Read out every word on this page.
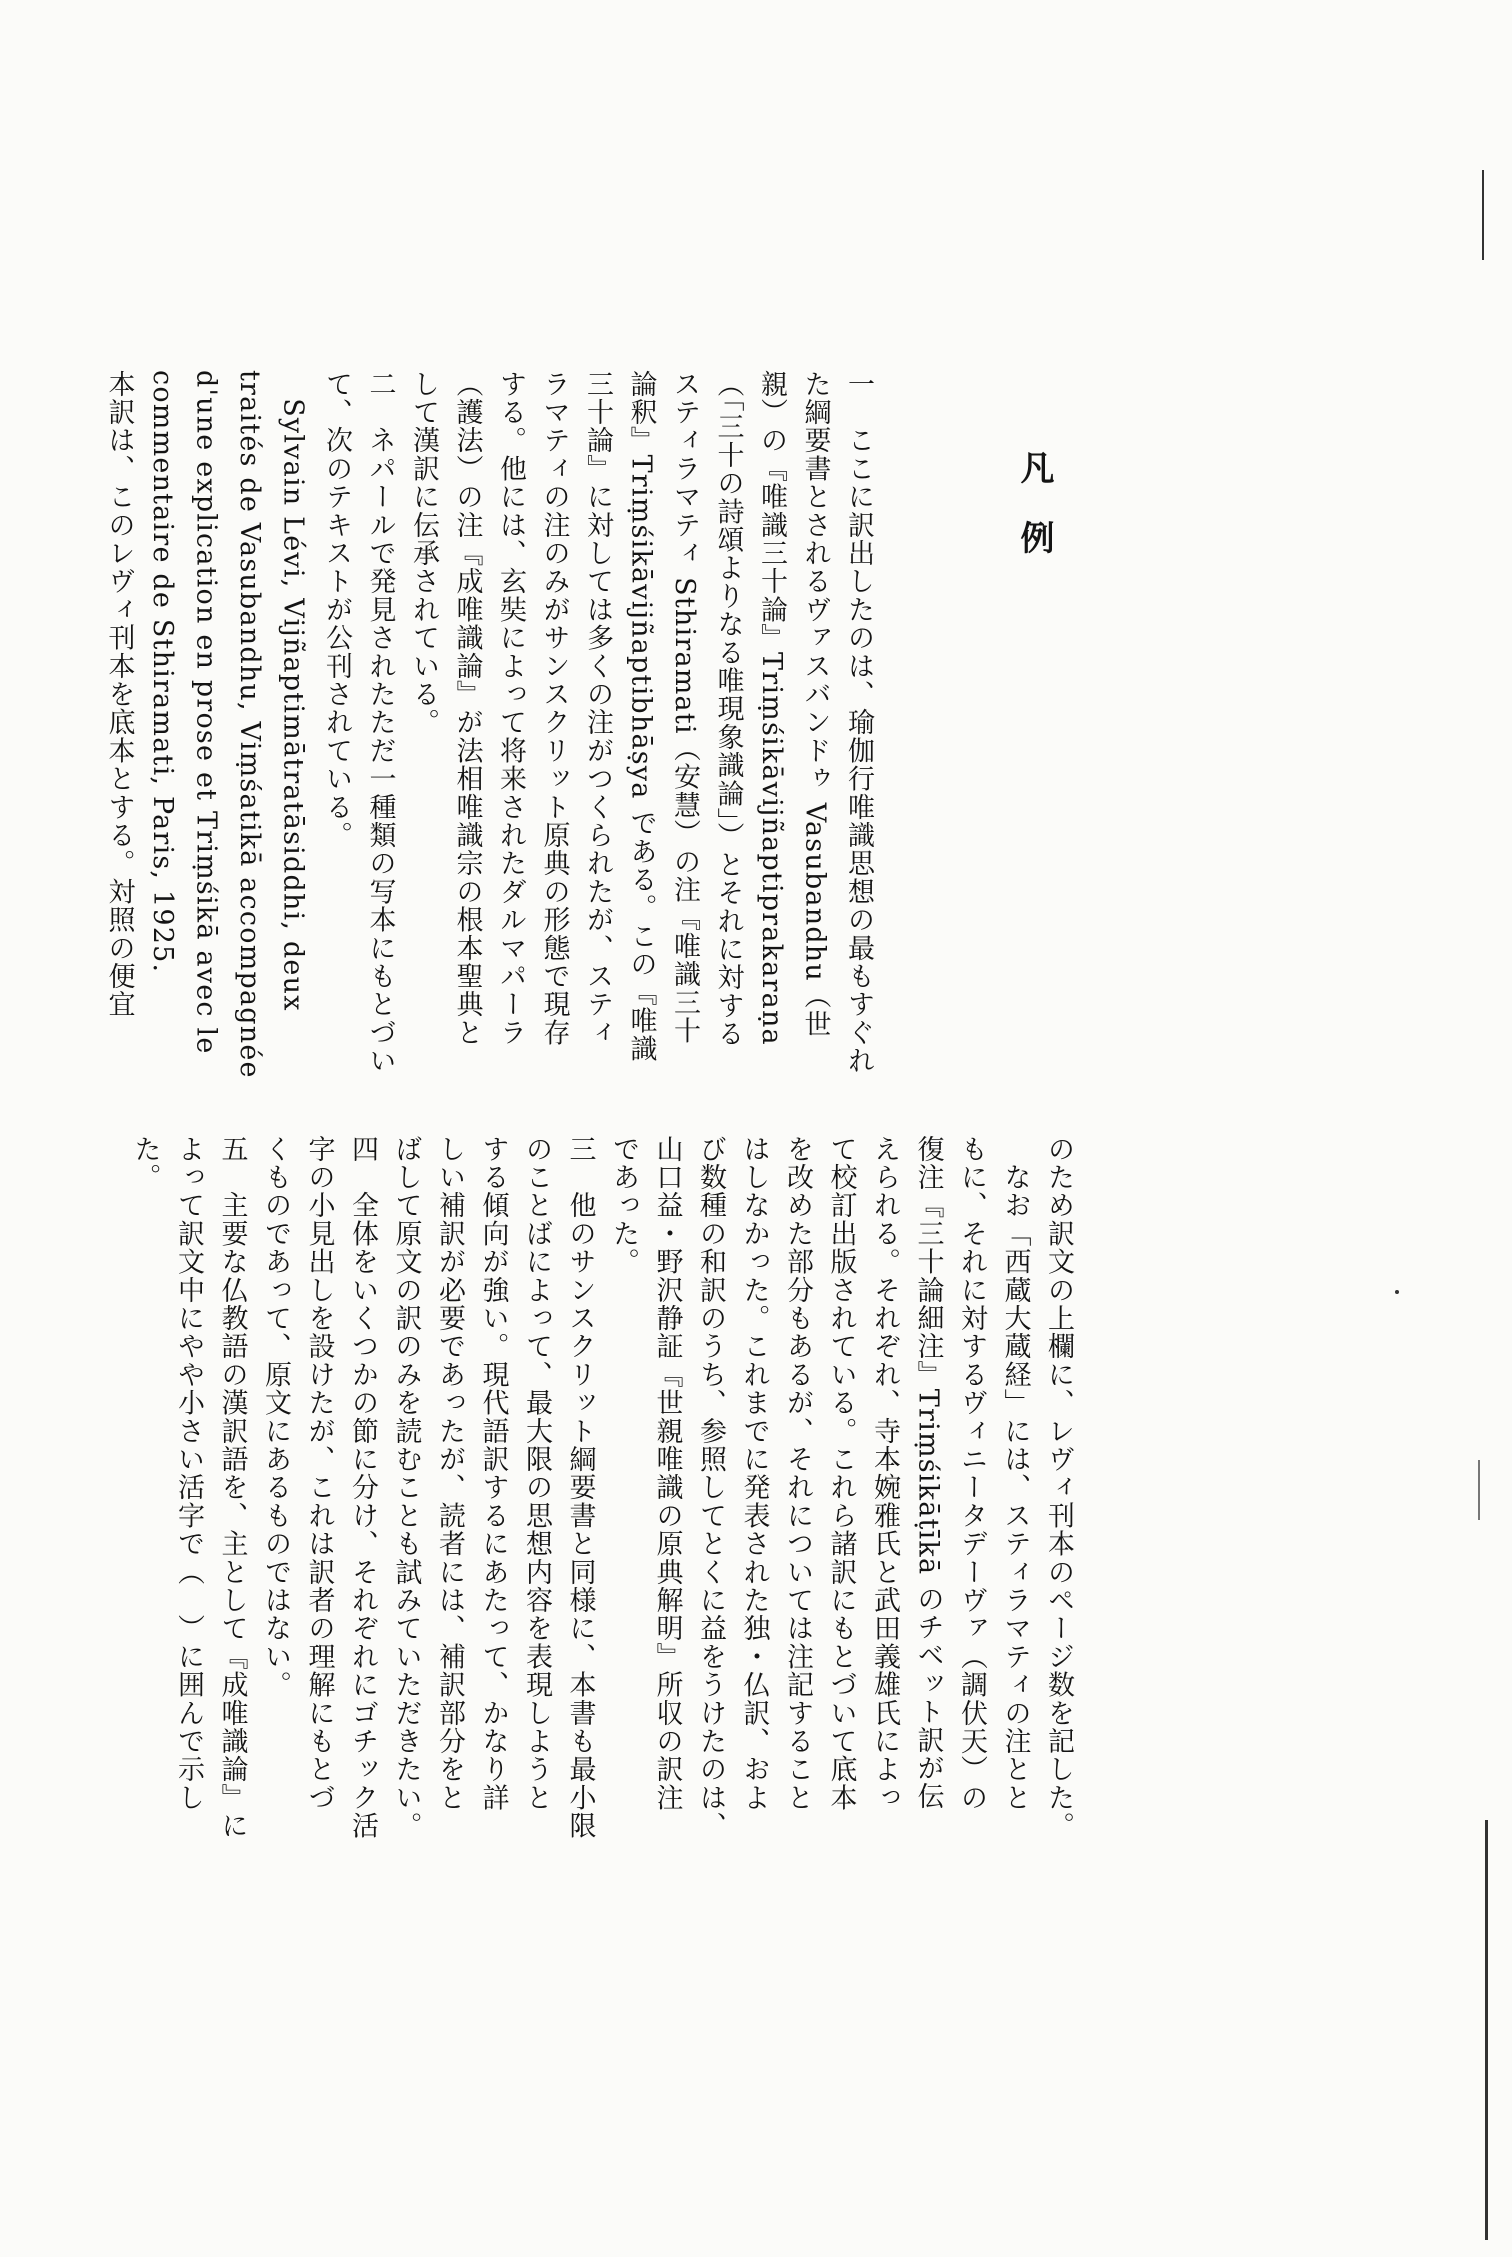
凡 例
一　ここに訳出したのは、瑜伽行唯識思想の最もすぐれ
た綱要書とされるヴァスバンドゥ Vasubandhu（世
親）の『唯識三十論』Triṃśikāvijñaptiprakaraṇa
（「三十の詩頌よりなる唯現象識論」）とそれに対する
スティラマティ Sthiramati（安慧）の注『唯識三十
論釈』Triṃśikāvijñaptibhāṣya である。この『唯識
三十論』に対しては多くの注がつくられたが、スティ
ラマティの注のみがサンスクリット原典の形態で現存
する。他には、玄奘によって将来されたダルマパーラ
（護法）の注『成唯識論』が法相唯識宗の根本聖典と
して漢訳に伝承されている。
二　ネパールで発見されたただ一種類の写本にもとづい
て、次のテキストが公刊されている。
　Sylvain Lévi, Vijñaptimātratāsiddhi, deux
traités de Vasubandhu, Viṃśatikā accompagnée
d'une explication en prose et Triṃśikā avec le
commentaire de Sthiramati, Paris, 1925.
本訳は、このレヴィ刊本を底本とする。対照の便宜
のため訳文の上欄に、レヴィ刊本のページ数を記した。
　なお「西蔵大蔵経」には、スティラマティの注とと
もに、それに対するヴィニータデーヴァ（調伏天）の
復注『三十論細注』Triṃśikāṭīkā のチベット訳が伝
えられる。それぞれ、寺本婉雅氏と武田義雄氏によっ
て校訂出版されている。これら諸訳にもとづいて底本
を改めた部分もあるが、それについては注記すること
はしなかった。これまでに発表された独・仏訳、およ
び数種の和訳のうち、参照してとくに益をうけたのは、
山口益・野沢静証『世親唯識の原典解明』所収の訳注
であった。
三　他のサンスクリット綱要書と同様に、本書も最小限
のことばによって、最大限の思想内容を表現しようと
する傾向が強い。現代語訳するにあたって、かなり詳
しい補訳が必要であったが、読者には、補訳部分をと
ばして原文の訳のみを読むことも試みていただきたい。
四　全体をいくつかの節に分け、それぞれにゴチック活
字の小見出しを設けたが、これは訳者の理解にもとづ
くものであって、原文にあるものではない。
五　主要な仏教語の漢訳語を、主として『成唯識論』に
よって訳文中にやや小さい活字で（　）に囲んで示し
た。
